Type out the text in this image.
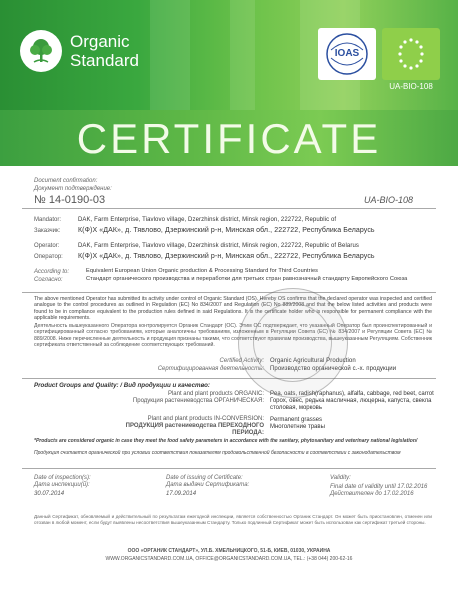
Organic
Standard	IOAS
UA-BIO-108
CERTIFICATE
Document confirmation:
Документ подтверждение:
№ 14-0190-03	UA-BIO-108
Mandator:	DAK, Farm Enterprise, Tiavlovo village, Dzerzhinsk district, Minsk region, 222722, Republic of
Заказчик:	К(Ф)Х «ДАК», д. Тявлово, Дзержинский р-н, Минская обл., 222722, Республика Беларусь
Operator:	DAK, Farm Enterprise, Tiavlovo village, Dzerzhinsk district, Minsk region, 222722, Republic of Belarus
Оператор: К(Ф)Х «ДАК», д. Тявлово, Дзержинский р-н, Минская обл., 222722, Республика Беларусь
According to:	Equivalent European Union Organic production & Processing Standard for Third Countries
Согласно:	Стандарт органического производства и переработки для третьих стран равнозначный стандарту Европейского Союза
The above mentioned Operator has submitted its activity under control of Organic Standard (OS). Hereby OS confirms that the declared operator was inspected and certified analogue to the control procedures as outlined in Regulation (EC) No 834/2007 and Regulation (EC) No 889/2008 and that the below listed activities and products were found to be in compliance equivalent to the production rules defined in said Regulations. It is the certificate holder who is responsible for permanent compliance with the applicable requirements.
Деятельность вышеуказанного Оператора контролируется Органик Стандарт (ОС). Этим ОС подтверждает, что указанный Оператор был проинспектированный и сертифицированный согласно требованиям, которые аналогичны требованиям, изложенным в Регуляции Совета (ЕС) № 834/2007 и Регуляции Совета (ЕС) № 889/2008. Ниже перечисленные деятельность и продукция признаны такими, что соответствуют правилам производства, вышеуказанным Регуляциям. Собственник сертификата ответственный за соблюдение соответствующих требований.
Certified Activity: Organic Agricultural Production
Сертифицированная деятельность: Производство органической с.-х. продукции
Product Groups and Quality: / Вид продукции и качество:
Plant and plant products ORGANIC:
Продукция растениеводства ОРГАНИЧЕСКАЯ:
Pea, oats, radish(raphanus), alfalfa, cabbage, red beet, carrot
Горох, овес, редька масличная, люцерна, капуста, свекла столовая, морковь
Plant and plant products IN-CONVERSION:
ПРОДУКЦИЯ растениеводства ПЕРЕХОДНОГО
ПЕРИОДА:
Permanent grasses
Многолетние травы
*Products are considered organic in case they meet the food safety parameters in accordance with the sanitary, phytosanitary and veterinary national legislation/
Продукция считается органической при условии соответствия показателям продовольственной безопасности в соответствии с законодательством
Date of inspection(s):
Дата инспекции(й):
30.07.2014
Date of issuing of Certificate:
Дата выдачи Сертификата:
17.09.2014
Validity:
Final date of validity until 17.02.2016
Действителен до 17.02.2016
Данный Сертификат, обновляемый и действительный по результатам ежегодной инспекции, является собственностью Органик Стандарт. Он может быть приостановлен, отменен или отозван в любой момент, если будут выявлены несоответствия вышеуказанным Стандарту. Только подлинный Сертификат может быть использован как сертификат третьей стороны.
ООО «ОРГАНИК СТАНДАРТ», УЛ.Б. ХМЕЛЬНИЦКОГО, 51-Б, КИЕВ, 01030, УКРАИНА
WWW.ORGANICSTANDARD.COM.UA, OFFICE@ORGANICSTANDARD.COM.UA, TEL.: (+38 044) 200-62-16
